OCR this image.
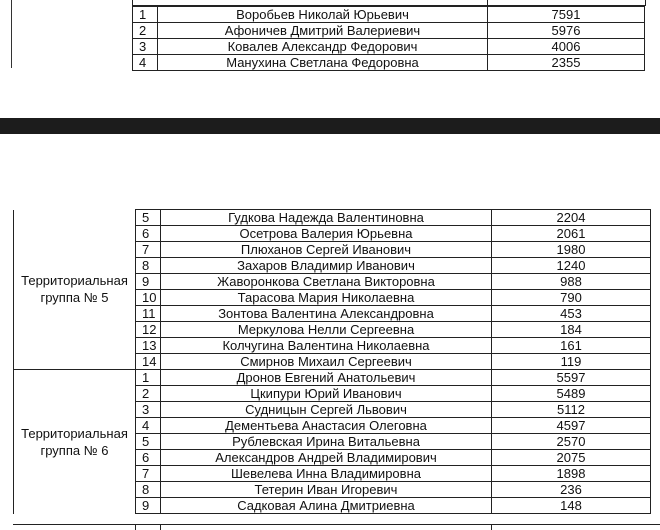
1	Воробьев Николай Юрьевич	7591
2	Афоничев Дмитрий Валериевич	5976
3	Ковалев Александр Федорович	4006
4	Манухина Светлана Федоровна	2355
Территориальная группа № 5	5	Гудкова Надежда Валентиновна	2204
	6	Осетрова Валерия Юрьевна	2061
	7	Плюханов Сергей Иванович	1980
	8	Захаров Владимир Иванович	1240
	9	Жаворонкова Светлана Викторовна	988
	10	Тарасова Мария Николаевна	790
	11	Зонтова Валентина Александровна	453
	12	Меркулова Нелли Сергеевна	184
	13	Колчугина Валентина Николаевна	161
	14	Смирнов Михаил Сергеевич	119
Территориальная группа № 6	1	Дронов Евгений Анатольевич	5597
	2	Цкипури Юрий Иванович	5489
	3	Судницын Сергей Львович	5112
	4	Дементьева Анастасия Олеговна	4597
	5	Рублевская Ирина Витальевна	2570
	6	Александров Андрей Владимирович	2075
	7	Шевелева Инна Владимировна	1898
	8	Тетерин Иван Игоревич	236
	9	Садковая Алина Дмитриевна	148
